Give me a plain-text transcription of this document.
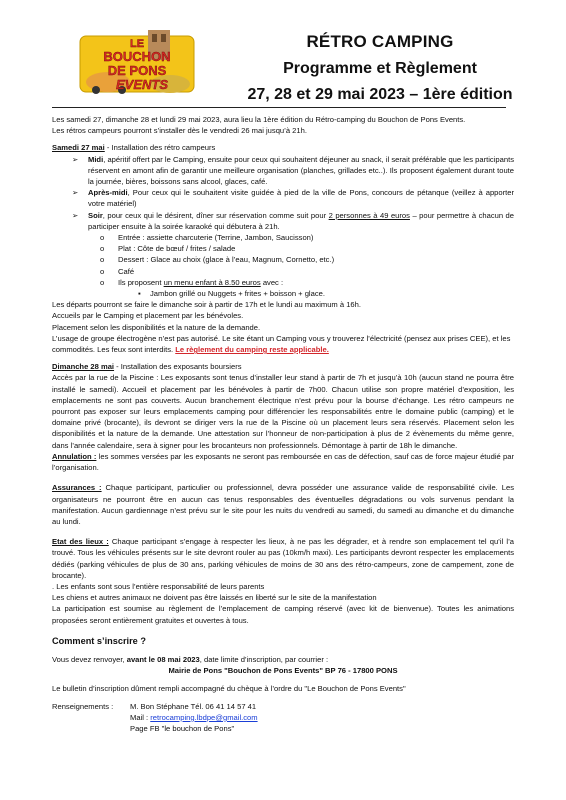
LE
BOUCHON
DE PONS
EVENTS
RÉTRO CAMPING
Programme et Règlement
27, 28 et 29 mai 2023 – 1ère édition

Les samedi 27, dimanche 28 et lundi 29 mai 2023, aura lieu la 1ère édition du Rétro-camping du Bouchon de Pons Events.

Les rétros campeurs pourront s’installer dès le vendredi 26 mai jusqu’à 21h.

Samedi 27 mai - Installation des rétro campeurs

➢ Midi, apéritif offert par le Camping, ensuite pour ceux qui souhaitent déjeuner au snack, il serait préférable que les participants réservent en amont afin de garantir une meilleure organisation (planches, grillades etc..). Ils proposent également durant toute la journée, bières, boissons sans alcool, glaces, café.
➢ Après-midi, Pour ceux qui le souhaitent visite guidée à pied de la ville de Pons, concours de pétanque (veillez à apporter votre matériel)
➢ Soir, pour ceux qui le désirent, dîner sur réservation comme suit pour 2 personnes à 49 euros – pour permettre à chacun de participer ensuite à la soirée karaoké qui débutera à 21h.
o Entrée : assiette charcuterie (Terrine, Jambon, Saucisson)
o Plat : Côte de bœuf / frites / salade
o Dessert : Glace au choix (glace à l’eau, Magnum, Cornetto, etc.)
o Café
o Ils proposent un menu enfant à 8.50 euros avec :
▪ Jambon grillé ou Nuggets + frites + boisson + glace.

Les départs pourront se faire le dimanche soir à partir de 17h et le lundi au maximum à 16h.

Accueils par le Camping et placement par les bénévoles.

Placement selon les disponibilités et la nature de la demande.

L’usage de groupe électrogène n’est pas autorisé. Le site étant un Camping vous y trouverez l’électricité (pensez aux prises CEE), et les commodités. Les feux sont interdits. Le règlement du camping reste applicable.

Dimanche 28 mai - Installation des exposants boursiers

Accès par la rue de la Piscine : Les exposants sont tenus d’installer leur stand à partir de 7h et jusqu’à 10h (aucun stand ne pourra être installé le samedi). Accueil et placement par les bénévoles à partir de 7h00. Chacun utilise son propre matériel d’exposition, les emplacements ne sont pas couverts. Aucun branchement électrique n’est prévu pour la bourse d’échange. Les rétro campeurs ne pourront pas exposer sur leurs emplacements camping pour différencier les responsabilités entre le domaine public (camping) et le domaine privé (brocante), ils devront se diriger vers la rue de la Piscine où un placement leurs sera réservés. Placement selon les disponibilités et la nature de la demande. Une attestation sur l’honneur de non-participation à plus de 2 évènements du même genre, dans l’année calendaire, sera à signer pour les brocanteurs non professionnels. Démontage à partir de 18h le dimanche.

Annulation : les sommes versées par les exposants ne seront pas remboursée en cas de défection, sauf cas de force majeur étudié par l’organisation.

Assurances : Chaque participant, particulier ou professionnel, devra posséder une assurance valide de responsabilité civile. Les organisateurs ne pourront être en aucun cas tenus responsables des éventuelles dégradations ou vols survenus pendant la manifestation. Aucun gardiennage n’est prévu sur le site pour les nuits du vendredi au samedi, du samedi au dimanche et du dimanche au lundi.

Etat des lieux : Chaque participant s’engage à respecter les lieux, à ne pas les dégrader, et à rendre son emplacement tel qu’il l’a trouvé. Tous les véhicules présents sur le site devront rouler au pas (10km/h maxi). Les participants devront respecter les emplacements dédiés (parking véhicules de plus de 30 ans, parking véhicules de moins de 30 ans des rétro-campeurs, zone de campement, zone de brocante).

. Les enfants sont sous l’entière responsabilité de leurs parents

Les chiens et autres animaux ne doivent pas être laissés en liberté sur le site de la manifestation

La participation est soumise au règlement de l’emplacement de camping réservé (avec kit de bienvenue). Toutes les animations proposées seront entièrement gratuites et ouvertes à tous.

Comment s’inscrire ?

Vous devez renvoyer, avant le 08 mai 2023, date limite d’inscription, par courrier :

Mairie de Pons "Bouchon de Pons Events" BP 76 - 17800 PONS

Le bulletin d’inscription dûment rempli accompagné du chèque à l’ordre du "Le Bouchon de Pons Events"

Renseignements :	M. Bon Stéphane Tél. 06 41 14 57 41

Mail : retrocamping.lbdpe@gmail.com

Page FB "le bouchon de Pons"
